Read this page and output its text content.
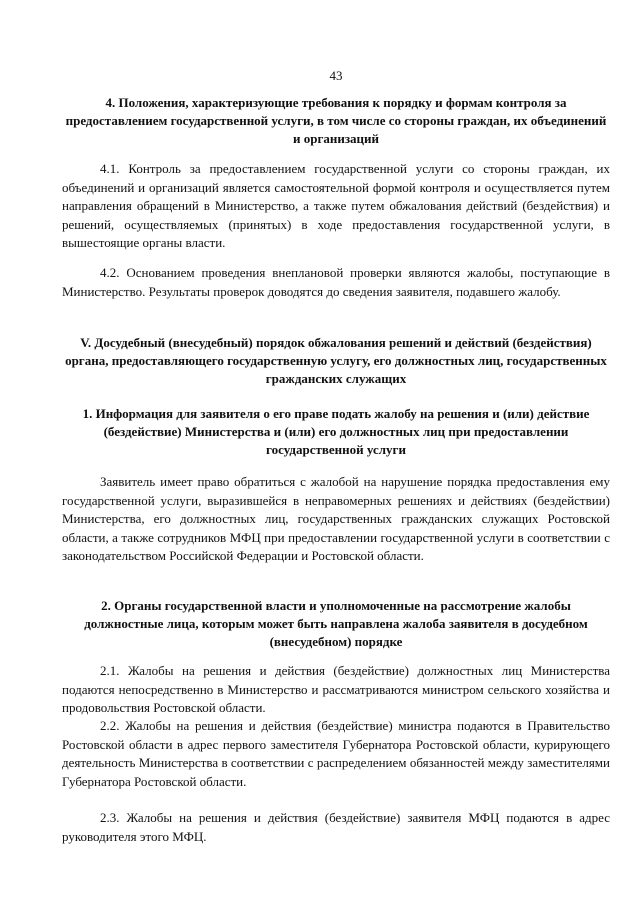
43
4. Положения, характеризующие требования к порядку и формам контроля за предоставлением государственной услуги, в том числе со стороны граждан, их объединений и организаций

4.1. Контроль за предоставлением государственной услуги со стороны граждан, их объединений и организаций является самостоятельной формой контроля и осуществляется путем направления обращений в Министерство, а также путем обжалования действий (бездействия) и решений, осуществляемых (принятых) в ходе предоставления государственной услуги, в вышестоящие органы власти.

4.2. Основанием проведения внеплановой проверки являются жалобы, поступающие в Министерство. Результаты проверок доводятся до сведения заявителя, подавшего жалобу.

V. Досудебный (внесудебный) порядок обжалования решений и действий (бездействия) органа, предоставляющего государственную услугу, его должностных лиц, государственных гражданских служащих
1. Информация для заявителя о его праве подать жалобу на решения и (или) действие (бездействие) Министерства и (или) его должностных лиц при предоставлении государственной услуги

Заявитель имеет право обратиться с жалобой на нарушение порядка предоставления ему государственной услуги, выразившейся в неправомерных решениях и действиях (бездействии) Министерства, его должностных лиц, государственных гражданских служащих Ростовской области, а также сотрудников МФЦ при предоставлении государственной услуги в соответствии с законодательством Российской Федерации и Ростовской области.

2. Органы государственной власти и уполномоченные на рассмотрение жалобы должностные лица, которым может быть направлена жалоба заявителя в досудебном (внесудебном) порядке

2.1. Жалобы на решения и действия (бездействие) должностных лиц Министерства подаются непосредственно в Министерство и рассматриваются министром сельского хозяйства и продовольствия Ростовской области.

2.2. Жалобы на решения и действия (бездействие) министра подаются в Правительство Ростовской области в адрес первого заместителя Губернатора Ростовской области, курирующего деятельность Министерства в соответствии с распределением обязанностей между заместителями Губернатора Ростовской области.

2.3. Жалобы на решения и действия (бездействие) заявителя МФЦ подаются в адрес руководителя этого МФЦ.
